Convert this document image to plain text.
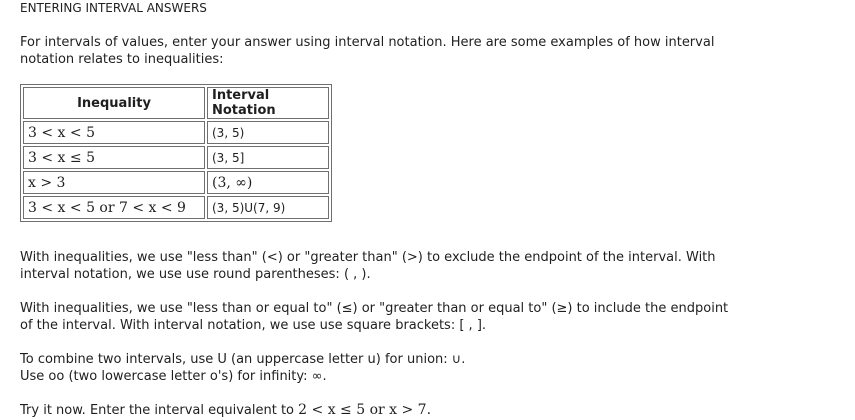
ENTERING INTERVAL ANSWERS

For intervals of values, enter your answer using interval notation. Here are some examples of how interval notation relates to inequalities:

Inequality	Interval Notation
3 < x < 5	(3, 5)
3 < x ≤ 5	(3, 5]
x > 3	(3, ∞)
3 < x < 5 or 7 < x < 9	(3, 5)U(7, 9)

With inequalities, we use "less than" (<) or "greater than" (>) to exclude the endpoint of the interval. With

interval notation, we use use round parentheses: ( , ).

With inequalities, we use "less than or equal to" (≤) or "greater than or equal to" (≥) to include the endpoint

of the interval. With interval notation, we use use square brackets: [ , ].

To combine two intervals, use U (an uppercase letter u) for union: ∪.

Use oo (two lowercase letter o's) for infinity: ∞.

Try it now. Enter the interval equivalent to 2 < x ≤ 5 or x > 7.
